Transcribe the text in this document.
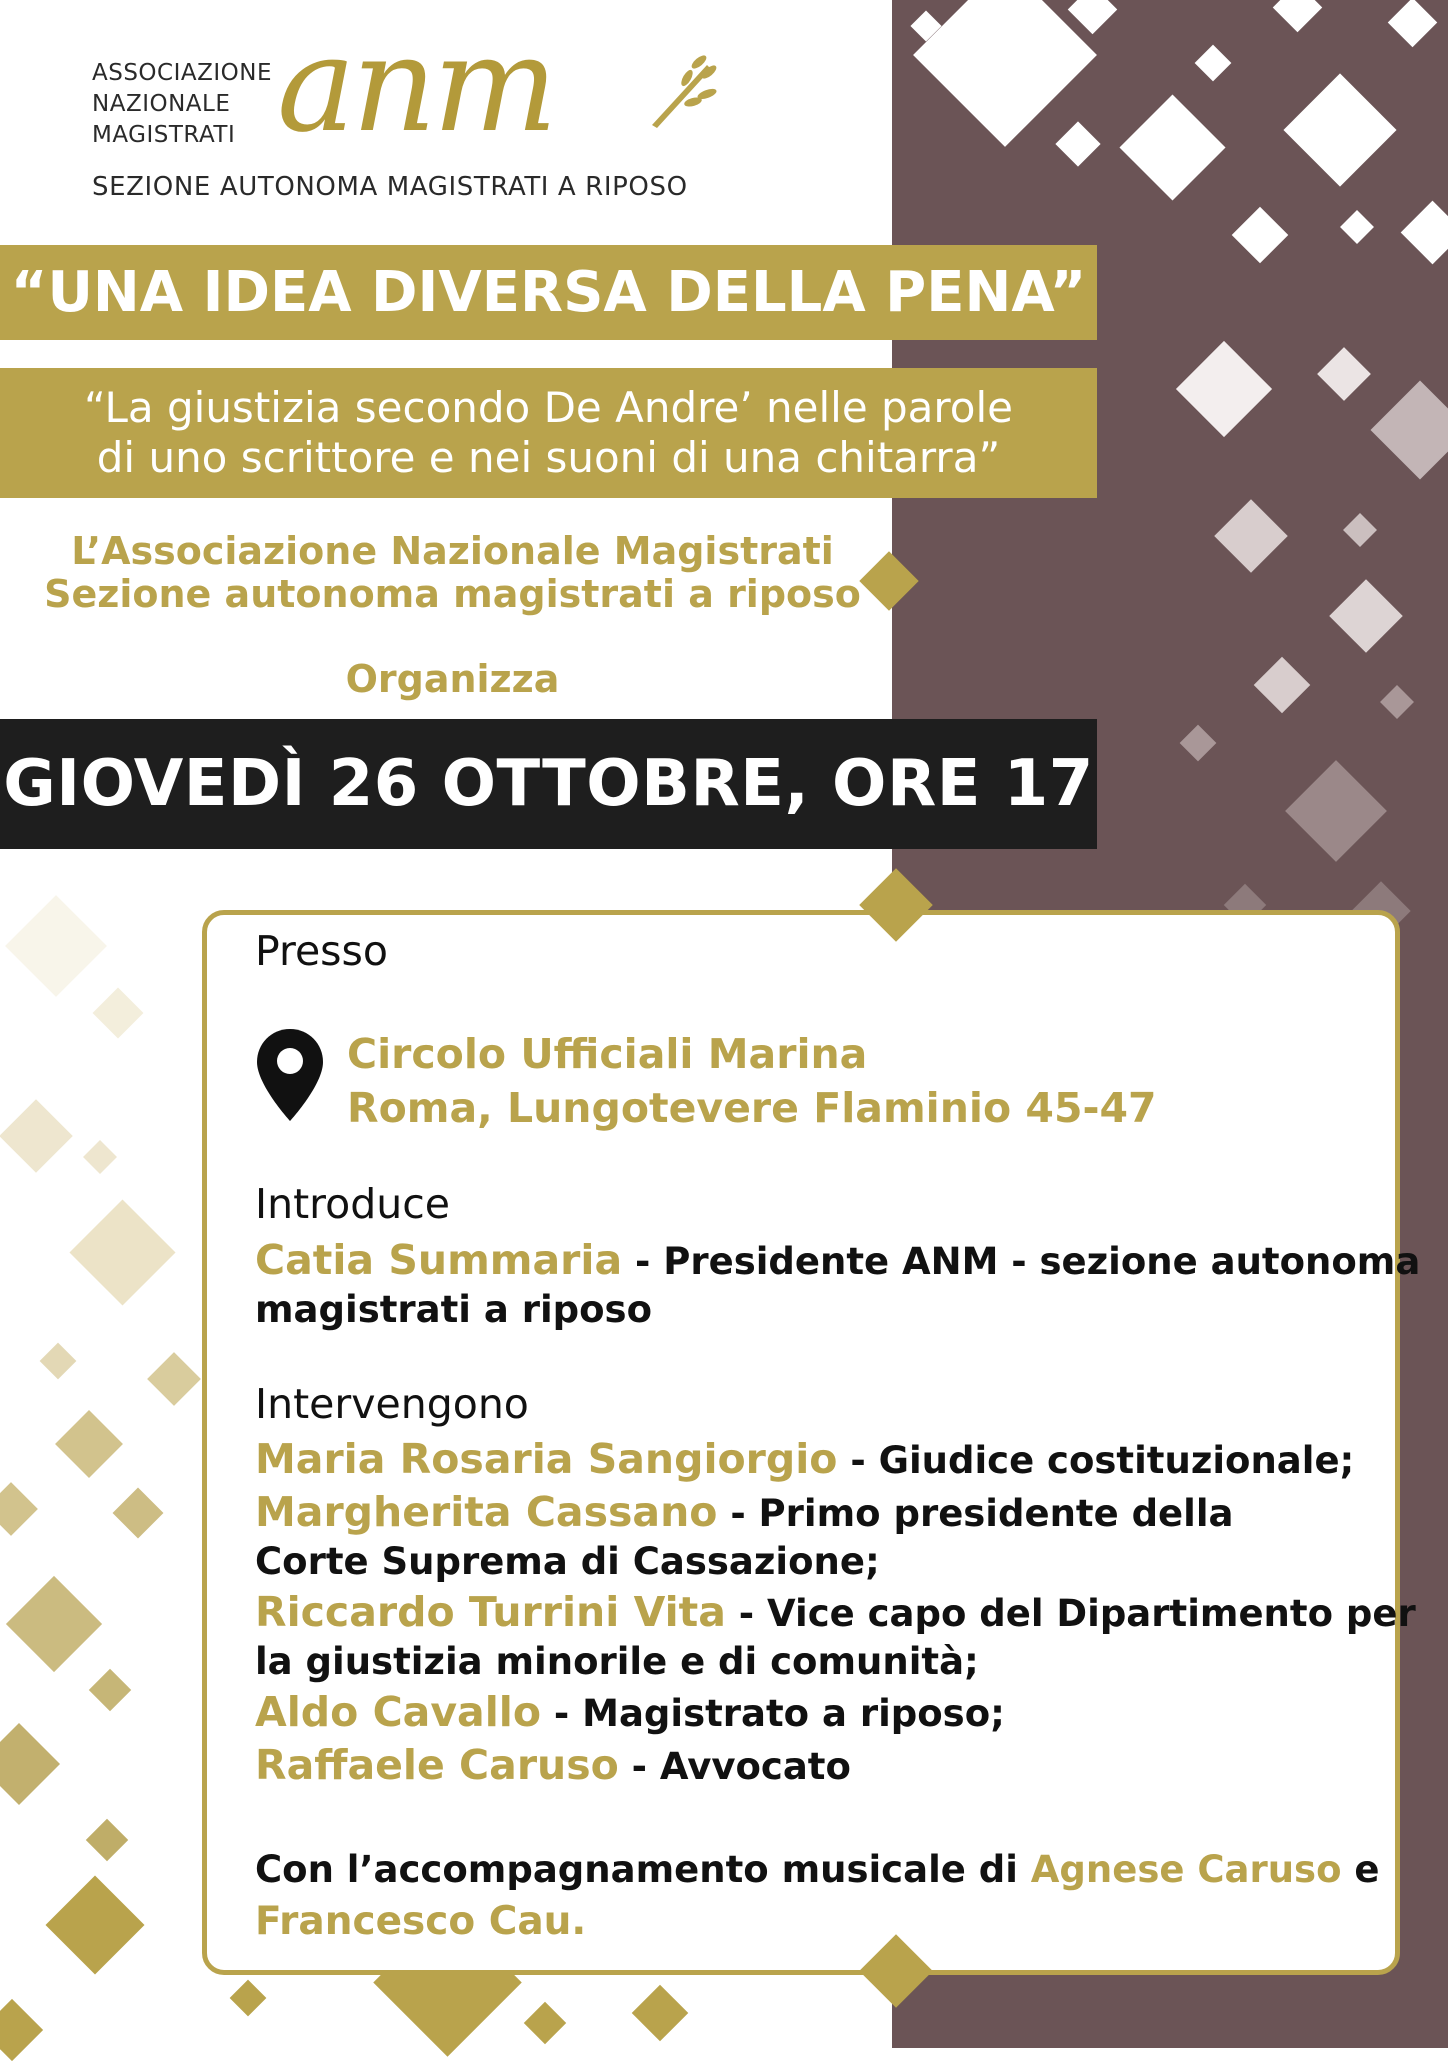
ASSOCIAZIONE
NAZIONALE
MAGISTRATI anm
SEZIONE AUTONOMA MAGISTRATI A RIPOSO
“UNA IDEA DIVERSA DELLA PENA”
“La giustizia secondo De Andre’ nelle parole
di uno scrittore e nei suoni di una chitarra”
L’Associazione Nazionale Magistrati
Sezione autonoma magistrati a riposo
Organizza
GIOVEDÌ 26 OTTOBRE, ORE 17
Presso
Circolo Ufficiali Marina
Roma, Lungotevere Flaminio 45-47
Introduce
Catia Summaria - Presidente ANM - sezione autonoma
magistrati a riposo
Intervengono
Maria Rosaria Sangiorgio - Giudice costituzionale;
Margherita Cassano - Primo presidente della
Corte Suprema di Cassazione;
Riccardo Turrini Vita - Vice capo del Dipartimento per
la giustizia minorile e di comunità;
Aldo Cavallo - Magistrato a riposo;
Raffaele Caruso - Avvocato
Con l’accompagnamento musicale di Agnese Caruso e
Francesco Cau.
